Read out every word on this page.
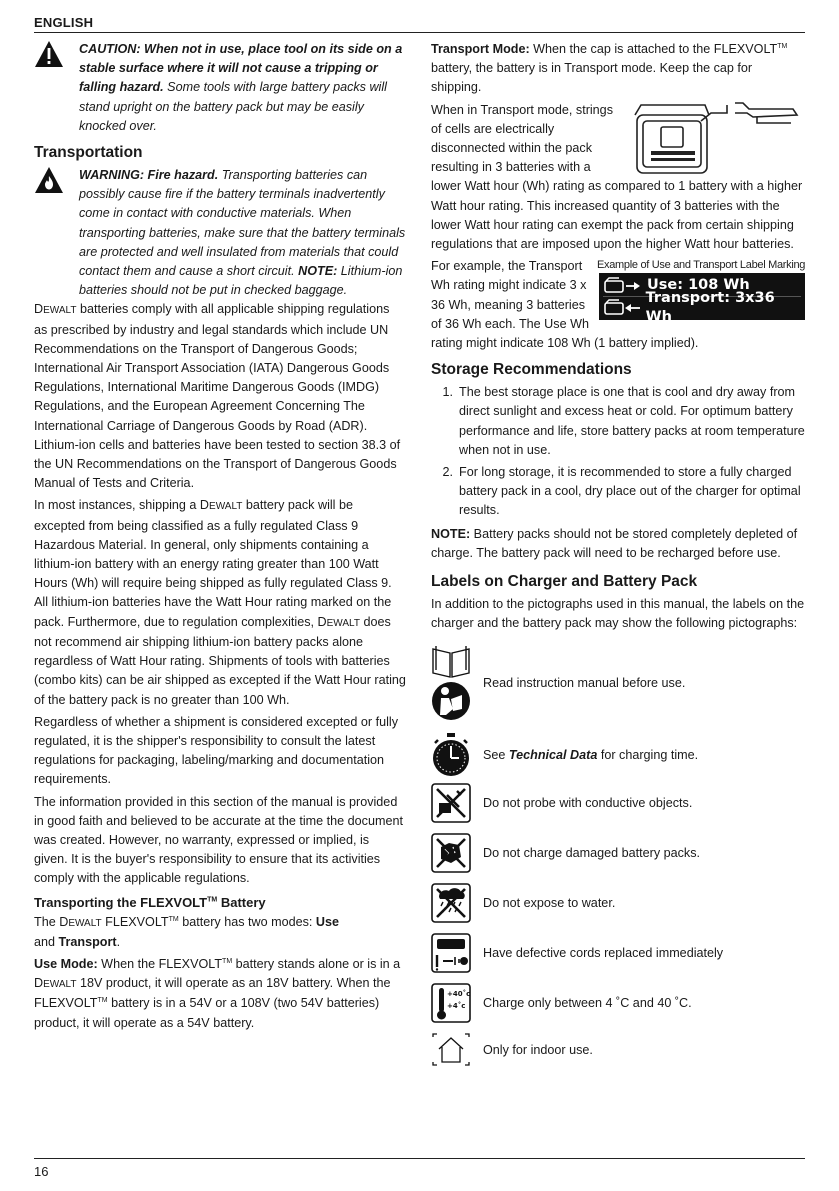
ENGLISH
CAUTION: When not in use, place tool on its side on a stable surface where it will not cause a tripping or falling hazard. Some tools with large battery packs will stand upright on the battery pack but may be easily knocked over.
Transportation
WARNING: Fire hazard. Transporting batteries can possibly cause fire if the battery terminals inadvertently come in contact with conductive materials. When transporting batteries, make sure that the battery terminals are protected and well insulated from materials that could contact them and cause a short circuit. NOTE: Lithium-ion batteries should not be put in checked baggage.

DEWALT batteries comply with all applicable shipping regulations as prescribed by industry and legal standards which include UN Recommendations on the Transport of Dangerous Goods; International Air Transport Association (IATA) Dangerous Goods Regulations, International Maritime Dangerous Goods (IMDG) Regulations, and the European Agreement Concerning The International Carriage of Dangerous Goods by Road (ADR). Lithium-ion cells and batteries have been tested to section 38.3 of the UN Recommendations on the Transport of Dangerous Goods Manual of Tests and Criteria.

In most instances, shipping a DEWALT battery pack will be excepted from being classified as a fully regulated Class 9 Hazardous Material. In general, only shipments containing a lithium-ion battery with an energy rating greater than 100 Watt Hours (Wh) will require being shipped as fully regulated Class 9. All lithium-ion batteries have the Watt Hour rating marked on the pack. Furthermore, due to regulation complexities, DEWALT does not recommend air shipping lithium-ion battery packs alone regardless of Watt Hour rating. Shipments of tools with batteries (combo kits) can be air shipped as excepted if the Watt Hour rating of the battery pack is no greater than 100 Wh.

Regardless of whether a shipment is considered excepted or fully regulated, it is the shipper's responsibility to consult the latest regulations for packaging, labeling/marking and documentation requirements.

The information provided in this section of the manual is provided in good faith and believed to be accurate at the time the document was created. However, no warranty, expressed or implied, is given. It is the buyer's responsibility to ensure that its activities comply with the applicable regulations.

Transporting the FLEXVOLT™ Battery

The DEWALT FLEXVOLT™ battery has two modes: Use
and Transport.

Use Mode: When the FLEXVOLT™ battery stands alone or is in a DEWALT 18V product, it will operate as an 18V battery. When the FLEXVOLT™ battery is in a 54V or a 108V (two 54V batteries) product, it will operate as a 54V battery.

Transport Mode: When the cap is attached to the FLEXVOLT™ battery, the battery is in Transport mode. Keep the cap for shipping.

When in Transport mode, strings of cells are electrically disconnected within the pack resulting in 3 batteries with a lower Watt hour (Wh) rating as compared to 1 battery with a higher Watt hour rating. This increased quantity of 3 batteries with the lower Watt hour rating can exempt the pack from certain shipping regulations that are imposed upon the higher Watt hour batteries.

Example of Use and Transport Label Marking
Use: 108 Wh
Transport: 3x36 Wh

For example, the Transport Wh rating might indicate 3 x 36 Wh, meaning 3 batteries of 36 Wh each. The Use Wh rating might indicate 108 Wh (1 battery implied).

Storage Recommendations
1. The best storage place is one that is cool and dry away from direct sunlight and excess heat or cold. For optimum battery performance and life, store battery packs at room temperature when not in use.
2. For long storage, it is recommended to store a fully charged battery pack in a cool, dry place out of the charger for optimal results.

NOTE: Battery packs should not be stored completely depleted of charge. The battery pack will need to be recharged before use.

Labels on Charger and Battery Pack

In addition to the pictographs used in this manual, the labels on the charger and the battery pack may show the following pictographs:

Read instruction manual before use.
See Technical Data for charging time.
Do not probe with conductive objects.
Do not charge damaged battery packs.
Do not expose to water.
Have defective cords replaced immediately
+40˚c
+4˚c Charge only between 4 ˚C and 40 ˚C.
Only for indoor use.
16
